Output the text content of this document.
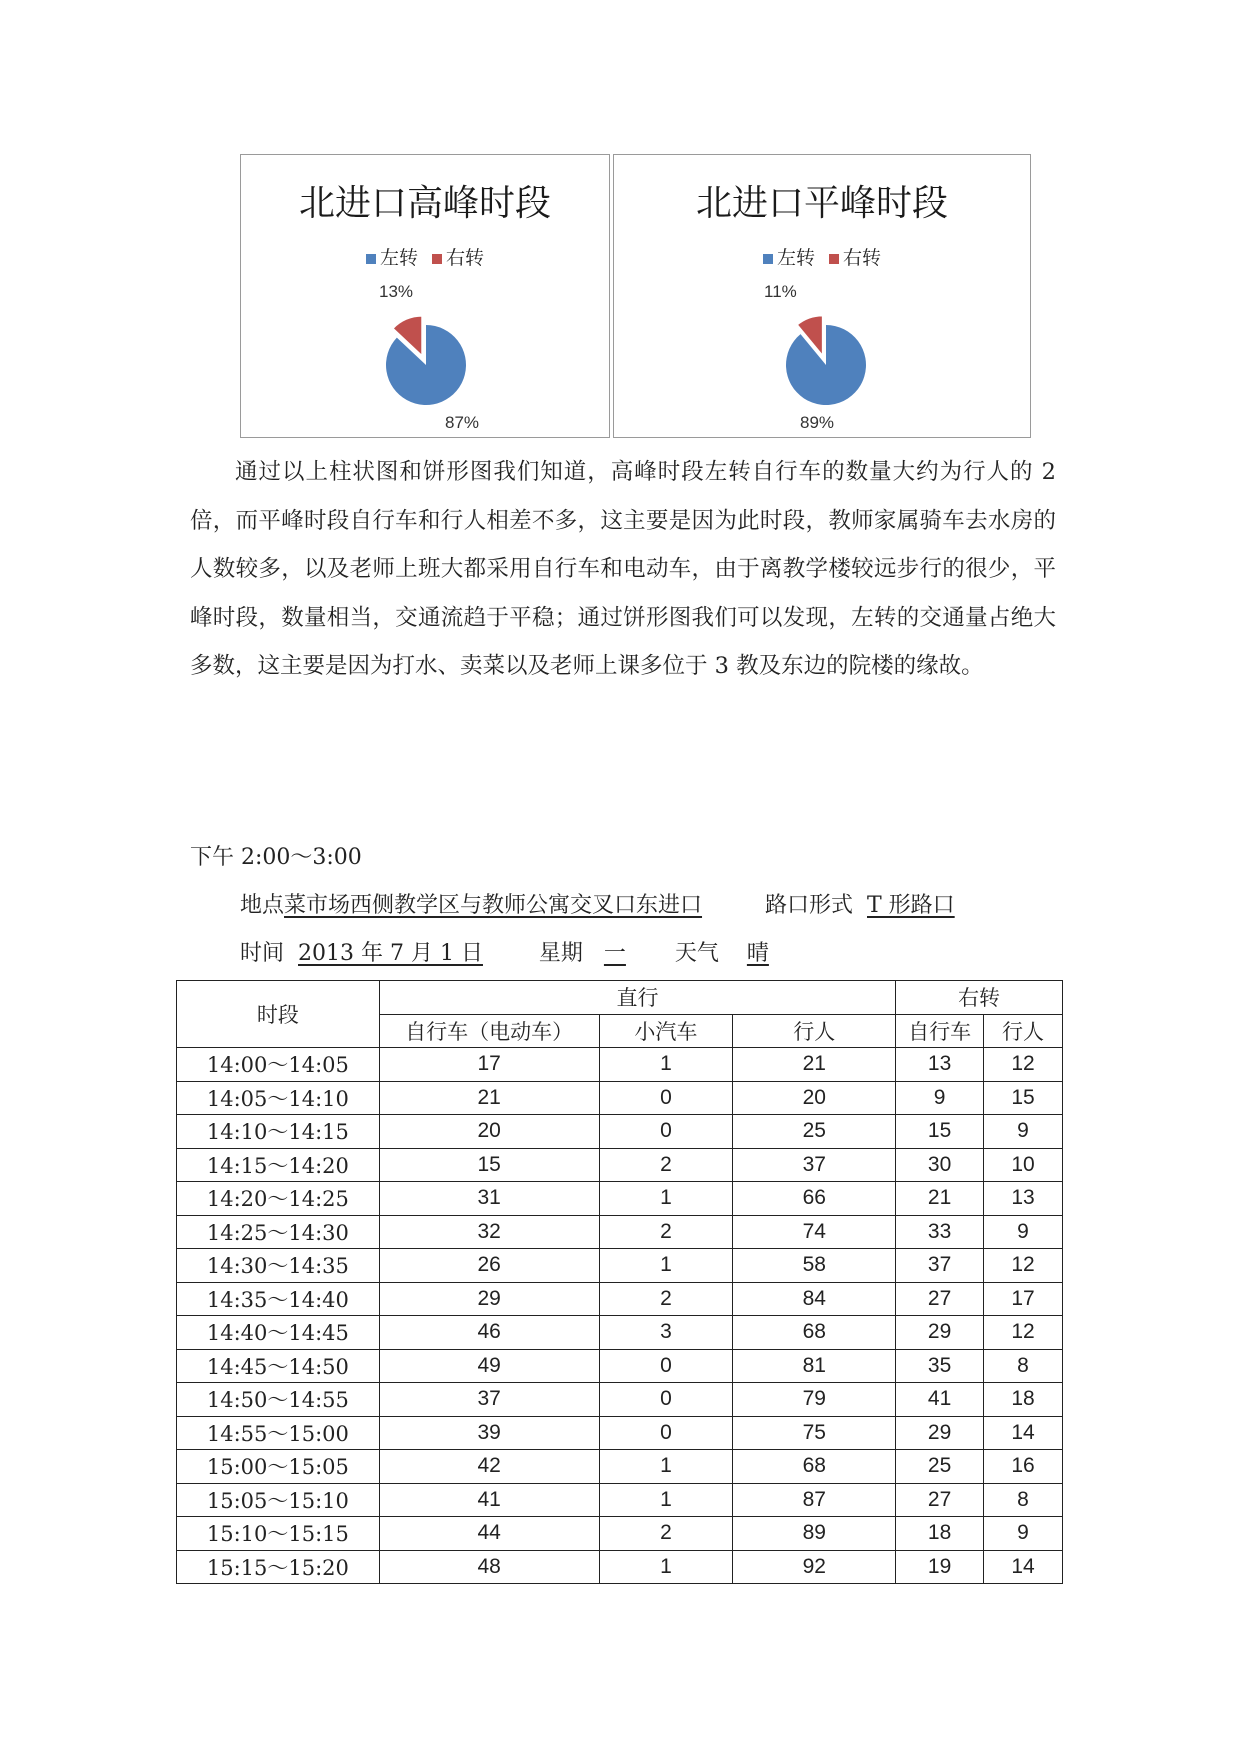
北进口高峰时段
左转	右转
13%
87%
北进口平峰时段
左转	右转
11%
89%

通过以上柱状图和饼形图我们知道，高峰时段左转自行车的数量大约为行人的 2 倍，而平峰时段自行车和行人相差不多，这主要是因为此时段，教师家属骑车去水房的人数较多，以及老师上班大都采用自行车和电动车，由于离教学楼较远步行的很少，平峰时段，数量相当，交通流趋于平稳；通过饼形图我们可以发现，左转的交通量占绝大多数，这主要是因为打水、卖菜以及老师上课多位于 3 教及东边的院楼的缘故。

下午 2:00～3:00
地点菜市场西侧教学区与教师公寓交叉口东进口	路口形式 T 形路口
时间 2013 年 7 月 1 日	星期 一 天气 晴
时段	直行			右转	
	自行车（电动车）	小汽车	行人	自行车	行人
14:00～14:05	17	1	21	13	12
14:05～14:10	21	0	20	9	15
14:10～14:15	20	0	25	15	9
14:15～14:20	15	2	37	30	10
14:20～14:25	31	1	66	21	13
14:25～14:30	32	2	74	33	9
14:30～14:35	26	1	58	37	12
14:35～14:40	29	2	84	27	17
14:40～14:45	46	3	68	29	12
14:45～14:50	49	0	81	35	8
14:50～14:55	37	0	79	41	18
14:55～15:00	39	0	75	29	14
15:00～15:05	42	1	68	25	16
15:05～15:10	41	1	87	27	8
15:10～15:15	44	2	89	18	9
15:15～15:20	48	1	92	19	14
